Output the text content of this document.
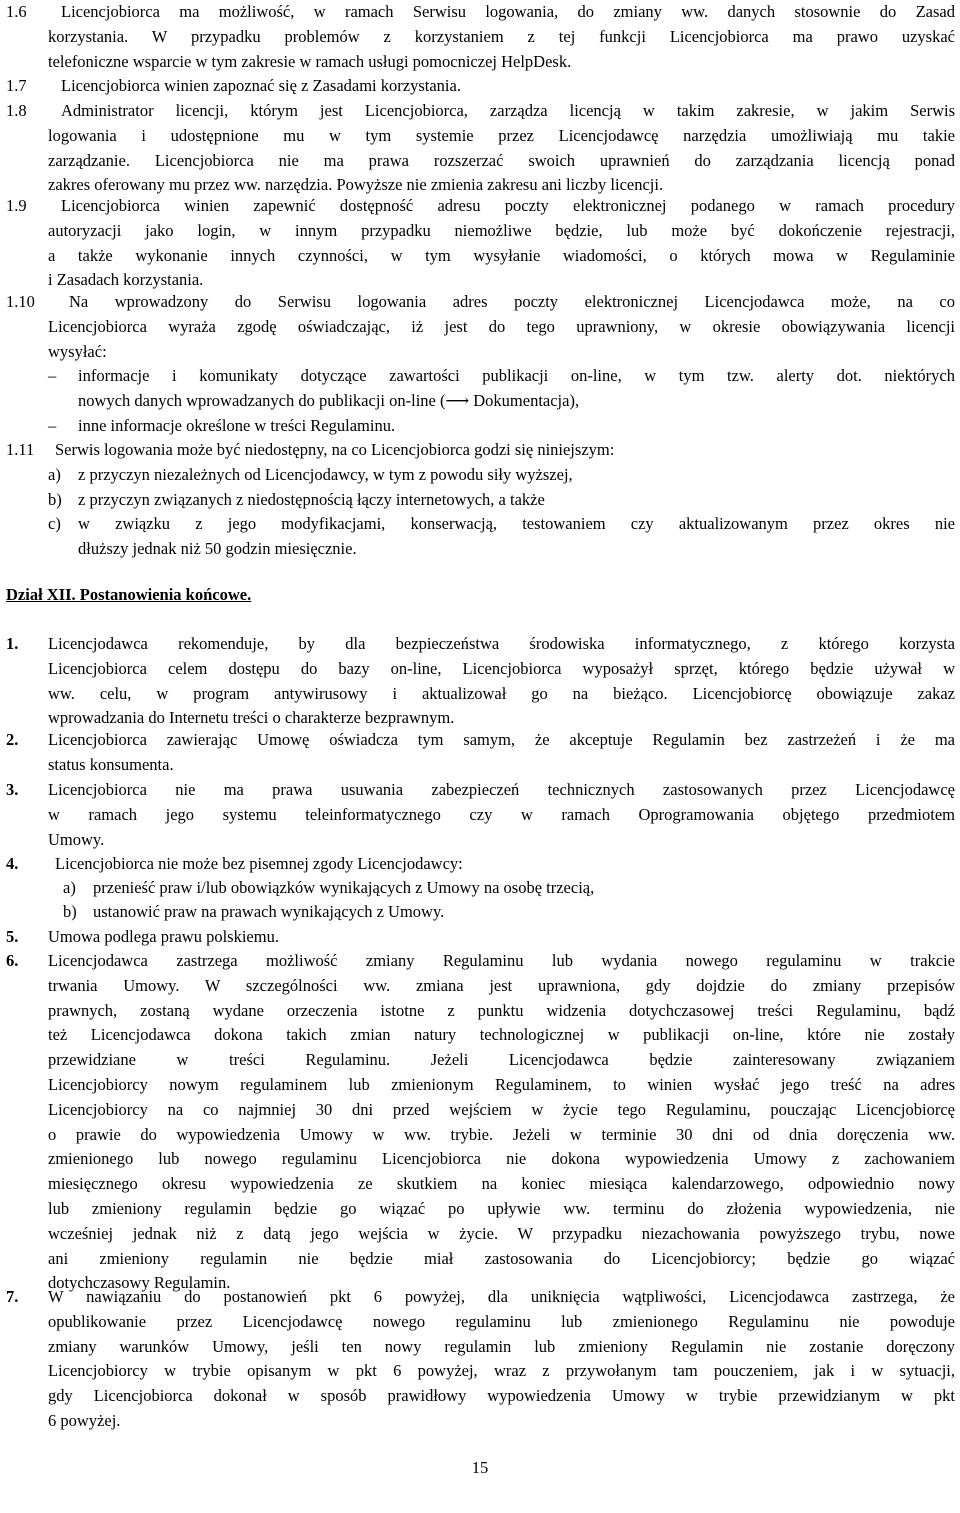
1.6 Licencjobiorca ma możliwość, w ramach Serwisu logowania, do zmiany ww. danych stosownie do Zasad
korzystania. W przypadku problemów z korzystaniem z tej funkcji Licencjobiorca ma prawo uzyskać
telefoniczne wsparcie w tym zakresie w ramach usługi pomocniczej HelpDesk.
1.7 Licencjobiorca winien zapoznać się z Zasadami korzystania.
1.8 Administrator licencji, którym jest Licencjobiorca, zarządza licencją w takim zakresie, w jakim Serwis
logowania i udostępnione mu w tym systemie przez Licencjodawcę narzędzia umożliwiają mu takie
zarządzanie. Licencjobiorca nie ma prawa rozszerzać swoich uprawnień do zarządzania licencją ponad
zakres oferowany mu przez ww. narzędzia. Powyższe nie zmienia zakresu ani liczby licencji.
1.9 Licencjobiorca winien zapewnić dostępność adresu poczty elektronicznej podanego w ramach procedury
autoryzacji jako login, w innym przypadku niemożliwe będzie, lub może być dokończenie rejestracji,
a także wykonanie innych czynności, w tym wysyłanie wiadomości, o których mowa w Regulaminie
i Zasadach korzystania.
1.10 Na wprowadzony do Serwisu logowania adres poczty elektronicznej Licencjodawca może, na co
Licencjobiorca wyraża zgodę oświadczając, iż jest do tego uprawniony, w okresie obowiązywania licencji
wysyłać:
– informacje i komunikaty dotyczące zawartości publikacji on-line, w tym tzw. alerty dot. niektórych
nowych danych wprowadzanych do publikacji on-line (⟶ Dokumentacja),
– inne informacje określone w treści Regulaminu.
1.11 Serwis logowania może być niedostępny, na co Licencjobiorca godzi się niniejszym:
a) z przyczyn niezależnych od Licencjodawcy, w tym z powodu siły wyższej,
b) z przyczyn związanych z niedostępnością łączy internetowych, a także
c) w związku z jego modyfikacjami, konserwacją, testowaniem czy aktualizowanym przez okres nie
dłuższy jednak niż 50 godzin miesięcznie.
Dział XII. Postanowienia końcowe.
1. Licencjodawca rekomenduje, by dla bezpieczeństwa środowiska informatycznego, z którego korzysta
Licencjobiorca celem dostępu do bazy on-line, Licencjobiorca wyposażył sprzęt, którego będzie używał w
ww. celu, w program antywirusowy i aktualizował go na bieżąco. Licencjobiorcę obowiązuje zakaz
wprowadzania do Internetu treści o charakterze bezprawnym.
2. Licencjobiorca zawierając Umowę oświadcza tym samym, że akceptuje Regulamin bez zastrzeżeń i że ma
status konsumenta.
3. Licencjobiorca nie ma prawa usuwania zabezpieczeń technicznych zastosowanych przez Licencjodawcę
w ramach jego systemu teleinformatycznego czy w ramach Oprogramowania objętego przedmiotem
Umowy.
4. Licencjobiorca nie może bez pisemnej zgody Licencjodawcy:
a) przenieść praw i/lub obowiązków wynikających z Umowy na osobę trzecią,
b) ustanowić praw na prawach wynikających z Umowy.
5. Umowa podlega prawu polskiemu.
6. Licencjodawca zastrzega możliwość zmiany Regulaminu lub wydania nowego regulaminu w trakcie
trwania Umowy. W szczególności ww. zmiana jest uprawniona, gdy dojdzie do zmiany przepisów
prawnych, zostaną wydane orzeczenia istotne z punktu widzenia dotychczasowej treści Regulaminu, bądź
też Licencjodawca dokona takich zmian natury technologicznej w publikacji on-line, które nie zostały
przewidziane w treści Regulaminu. Jeżeli Licencjodawca będzie zainteresowany związaniem
Licencjobiorcy nowym regulaminem lub zmienionym Regulaminem, to winien wysłać jego treść na adres
Licencjobiorcy na co najmniej 30 dni przed wejściem w życie tego Regulaminu, pouczając Licencjobiorcę
o prawie do wypowiedzenia Umowy w ww. trybie. Jeżeli w terminie 30 dni od dnia doręczenia ww.
zmienionego lub nowego regulaminu Licencjobiorca nie dokona wypowiedzenia Umowy z zachowaniem
miesięcznego okresu wypowiedzenia ze skutkiem na koniec miesiąca kalendarzowego, odpowiednio nowy
lub zmieniony regulamin będzie go wiązać po upływie ww. terminu do złożenia wypowiedzenia, nie
wcześniej jednak niż z datą jego wejścia w życie. W przypadku niezachowania powyższego trybu, nowe
ani zmieniony regulamin nie będzie miał zastosowania do Licencjobiorcy; będzie go wiązać
dotychczasowy Regulamin.
7. W nawiązaniu do postanowień pkt 6 powyżej, dla uniknięcia wątpliwości, Licencjodawca zastrzega, że
opublikowanie przez Licencjodawcę nowego regulaminu lub zmienionego Regulaminu nie powoduje
zmiany warunków Umowy, jeśli ten nowy regulamin lub zmieniony Regulamin nie zostanie doręczony
Licencjobiorcy w trybie opisanym w pkt 6 powyżej, wraz z przywołanym tam pouczeniem, jak i w sytuacji,
gdy Licencjobiorca dokonał w sposób prawidłowy wypowiedzenia Umowy w trybie przewidzianym w pkt
6 powyżej.
15
